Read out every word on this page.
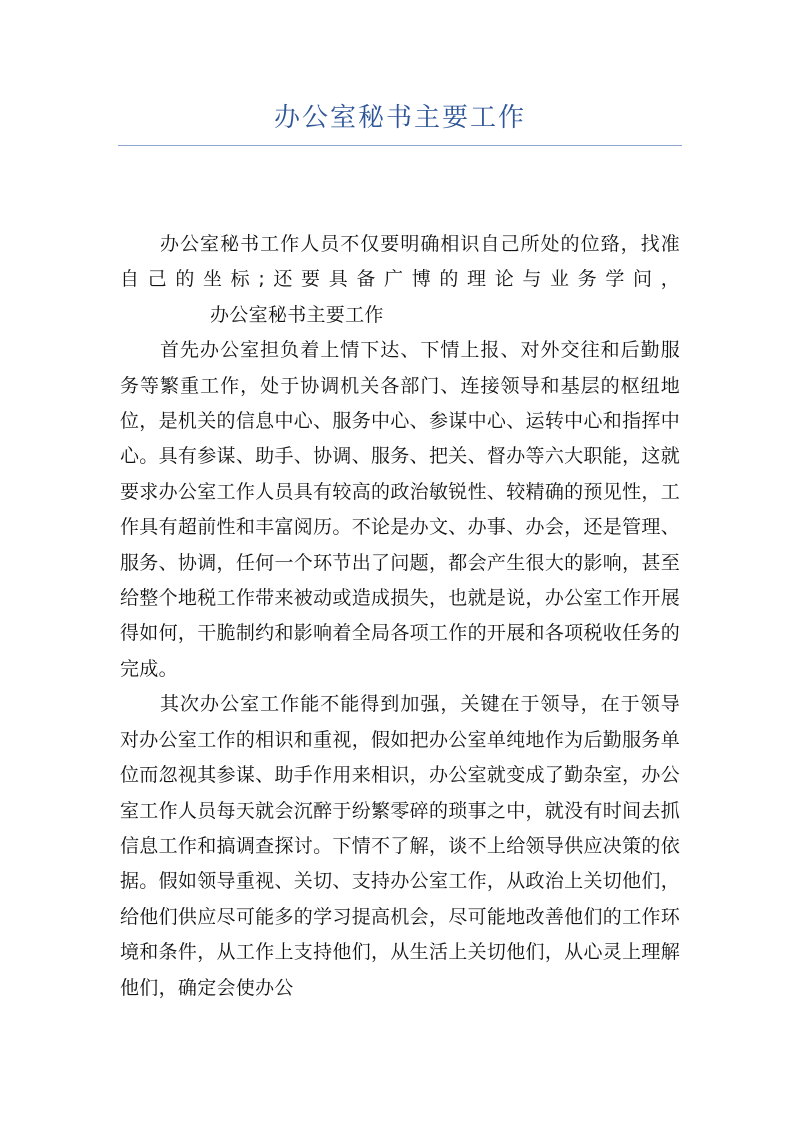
办公室秘书主要工作

办公室秘书工作人员不仅要明确相识自己所处的位臵，找准自己的坐标;还要具备广博的理论与业务学问，办公室秘书主要工作

首先办公室担负着上情下达、下情上报、对外交往和后勤服务等繁重工作，处于协调机关各部门、连接领导和基层的枢纽地位，是机关的信息中心、服务中心、参谋中心、运转中心和指挥中心。具有参谋、助手、协调、服务、把关、督办等六大职能，这就要求办公室工作人员具有较高的政治敏锐性、较精确的预见性，工作具有超前性和丰富阅历。不论是办文、办事、办会，还是管理、服务、协调，任何一个环节出了问题，都会产生很大的影响，甚至给整个地税工作带来被动或造成损失，也就是说，办公室工作开展得如何，干脆制约和影响着全局各项工作的开展和各项税收任务的完成。

其次办公室工作能不能得到加强，关键在于领导，在于领导对办公室工作的相识和重视，假如把办公室单纯地作为后勤服务单位而忽视其参谋、助手作用来相识，办公室就变成了勤杂室，办公室工作人员每天就会沉醉于纷繁零碎的琐事之中，就没有时间去抓信息工作和搞调查探讨。下情不了解，谈不上给领导供应决策的依据。假如领导重视、关切、支持办公室工作，从政治上关切他们，给他们供应尽可能多的学习提高机会，尽可能地改善他们的工作环境和条件，从工作上支持他们，从生活上关切他们，从心灵上理解他们，确定会使办公
